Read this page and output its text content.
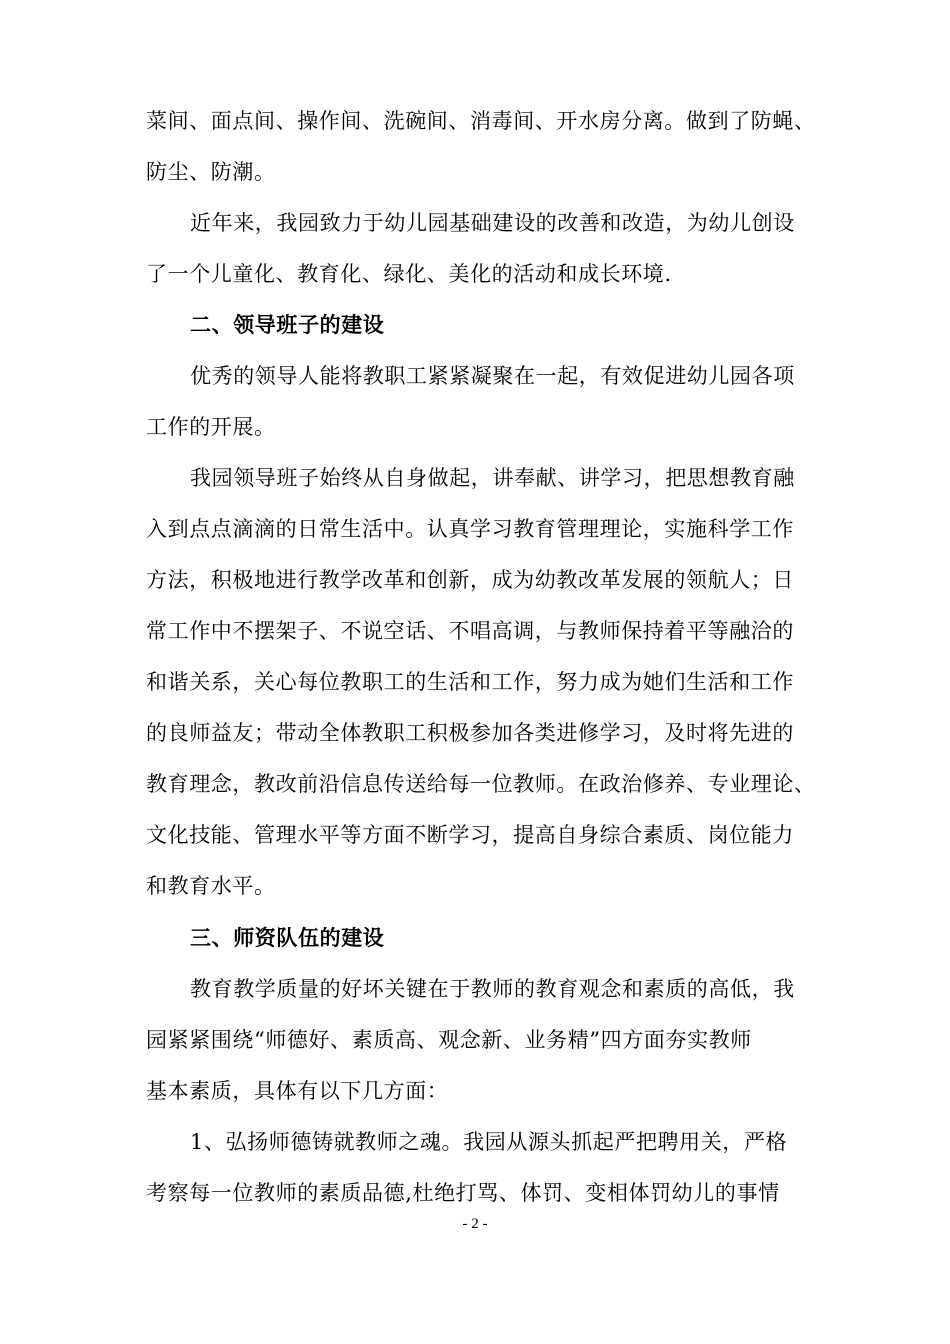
菜间、面点间、操作间、洗碗间、消毒间、开水房分离。做到了防蝇、
防尘、防潮。
近年来，我园致力于幼儿园基础建设的改善和改造，为幼儿创设
了一个儿童化、教育化、绿化、美化的活动和成长环境.
二、领导班子的建设
优秀的领导人能将教职工紧紧凝聚在一起，有效促进幼儿园各项
工作的开展。
我园领导班子始终从自身做起，讲奉献、讲学习，把思想教育融
入到点点滴滴的日常生活中。认真学习教育管理理论，实施科学工作
方法，积极地进行教学改革和创新，成为幼教改革发展的领航人；日
常工作中不摆架子、不说空话、不唱高调，与教师保持着平等融洽的
和谐关系，关心每位教职工的生活和工作，努力成为她们生活和工作
的良师益友；带动全体教职工积极参加各类进修学习，及时将先进的
教育理念，教改前沿信息传送给每一位教师。在政治修养、专业理论、
文化技能、管理水平等方面不断学习，提高自身综合素质、岗位能力
和教育水平。
三、师资队伍的建设
教育教学质量的好坏关键在于教师的教育观念和素质的高低，我
园紧紧围绕“师德好、素质高、观念新、业务精”四方面夯实教师
基本素质，具体有以下几方面：
1、弘扬师德铸就教师之魂。我园从源头抓起严把聘用关，严格
考察每一位教师的素质品德,杜绝打骂、体罚、变相体罚幼儿的事情
- 2 -
